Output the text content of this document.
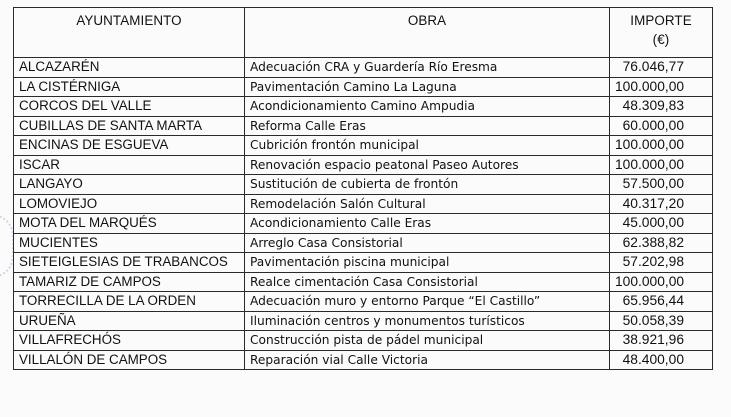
AYUNTAMIENTO	OBRA	IMPORTE
(€)
ALCAZARÉN	Adecuación CRA y Guardería Río Eresma	76.046,77
LA CISTÉRNIGA	Pavimentación Camino La Laguna	100.000,00
CORCOS DEL VALLE	Acondicionamiento Camino Ampudia	48.309,83
CUBILLAS DE SANTA MARTA	Reforma Calle Eras	60.000,00
ENCINAS DE ESGUEVA	Cubrición frontón municipal	100.000,00
ISCAR	Renovación espacio peatonal Paseo Autores	100.000,00
LANGAYO	Sustitución de cubierta de frontón	57.500,00
LOMOVIEJO	Remodelación Salón Cultural	40.317,20
MOTA DEL MARQUÉS	Acondicionamiento Calle Eras	45.000,00
MUCIENTES	Arreglo Casa Consistorial	62.388,82
SIETEIGLESIAS DE TRABANCOS	Pavimentación piscina municipal	57.202,98
TAMARIZ DE CAMPOS	Realce cimentación Casa Consistorial	100.000,00
TORRECILLA DE LA ORDEN	Adecuación muro y entorno Parque “El Castillo”	65.956,44
URUEÑA	Iluminación centros y monumentos turísticos	50.058,39
VILLAFRECHÓS	Construcción pista de pádel municipal	38.921,96
VILLALÓN DE CAMPOS	Reparación vial Calle Victoria	48.400,00
